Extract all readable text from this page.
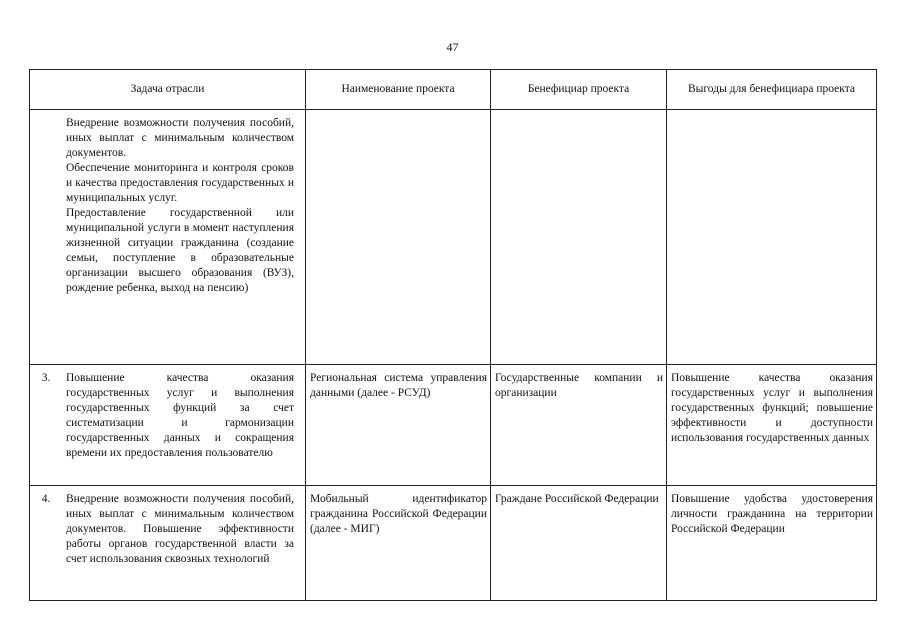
47
Задача отрасли	Наименование проекта	Бенефициар проекта	Выгоды для бенефициара проекта

Внедрение возможности получения пособий, иных выплат с минимальным количеством документов.

Обеспечение мониторинга и контроля сроков и качества предоставления государственных и муниципальных услуг.

Предоставление государственной или муниципальной услуги в момент наступления жизненной ситуации гражданина (создание семьи, поступление в образовательные организации высшего образования (ВУЗ), рождение ребенка, выход на пенсию)			

3. Повышение качества оказания государственных услуг и выполнения государственных функций за счет систематизации и гармонизации государственных данных и сокращения времени их предоставления пользователю	Региональная система управления данными (далее - РСУД)	Государственные компании и организации	Повышение качества оказания государственных услуг и выполнения государственных функций; повышение эффективности и доступности использования государственных данных

4. Внедрение возможности получения пособий, иных выплат с минимальным количеством документов. Повышение эффективности работы органов государственной власти за счет использования сквозных технологий	Мобильный идентификатор гражданина Российской Федерации (далее - МИГ)	Граждане Российской Федерации	Повышение удобства удостоверения личности гражданина на территории Российской Федерации
